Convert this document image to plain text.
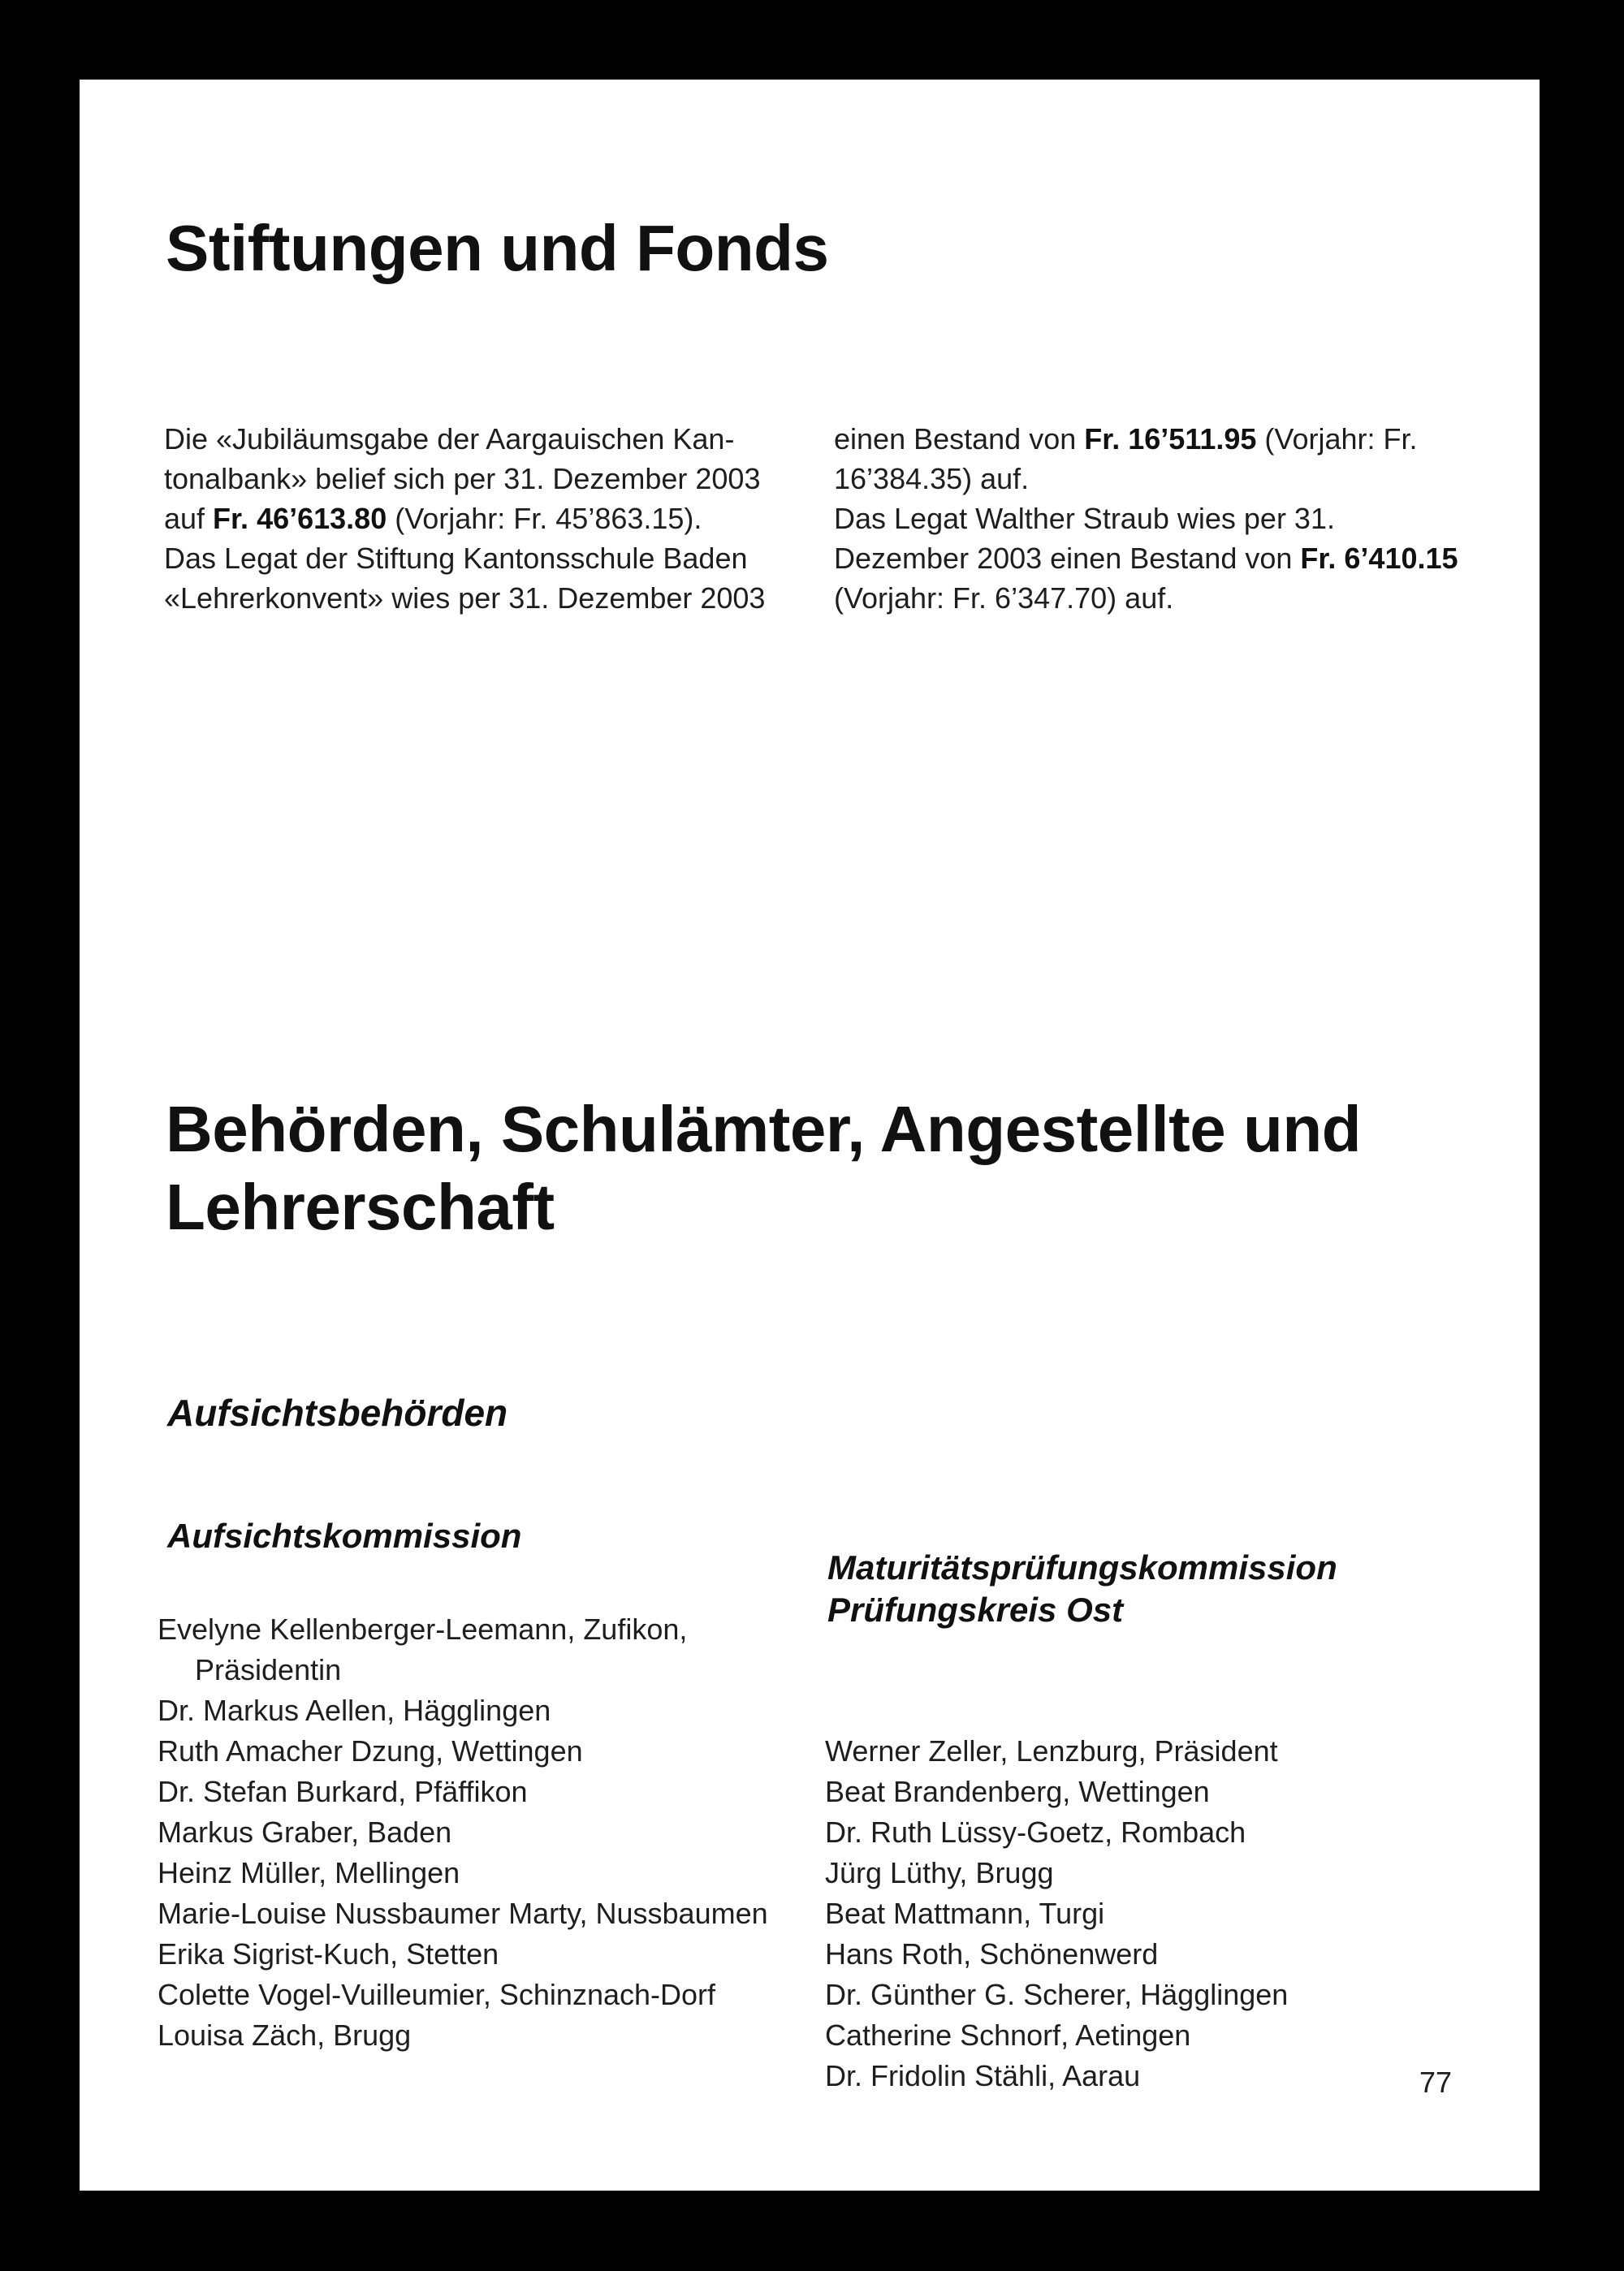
Stiftungen und Fonds

Die «Jubiläumsgabe der Aargauischen Kan-

tonalbank» belief sich per 31. Dezember 2003

auf Fr. 46’613.80 (Vorjahr: Fr. 45’863.15).

Das Legat der Stiftung Kantonsschule Baden

«Lehrerkonvent» wies per 31. Dezember 2003

einen Bestand von Fr. 16’511.95 (Vorjahr: Fr.

16’384.35) auf.

Das Legat Walther Straub wies per 31.

Dezember 2003 einen Bestand von Fr. 6’410.15

(Vorjahr: Fr. 6’347.70) auf.

Behörden, Schulämter, Angestellte und
Lehrerschaft
Aufsichtsbehörden
Aufsichtskommission
Evelyne Kellenberger-Leemann, Zufikon,
Präsidentin
Dr. Markus Aellen, Hägglingen
Ruth Amacher Dzung, Wettingen
Dr. Stefan Burkard, Pfäffikon
Markus Graber, Baden
Heinz Müller, Mellingen
Marie-Louise Nussbaumer Marty, Nussbaumen
Erika Sigrist-Kuch, Stetten
Colette Vogel-Vuilleumier, Schinznach-Dorf
Louisa Zäch, Brugg
Maturitätsprüfungskommission
Prüfungskreis Ost
Werner Zeller, Lenzburg, Präsident
Beat Brandenberg, Wettingen
Dr. Ruth Lüssy-Goetz, Rombach
Jürg Lüthy, Brugg
Beat Mattmann, Turgi
Hans Roth, Schönenwerd
Dr. Günther G. Scherer, Hägglingen
Catherine Schnorf, Aetingen
Dr. Fridolin Stähli, Aarau	77
